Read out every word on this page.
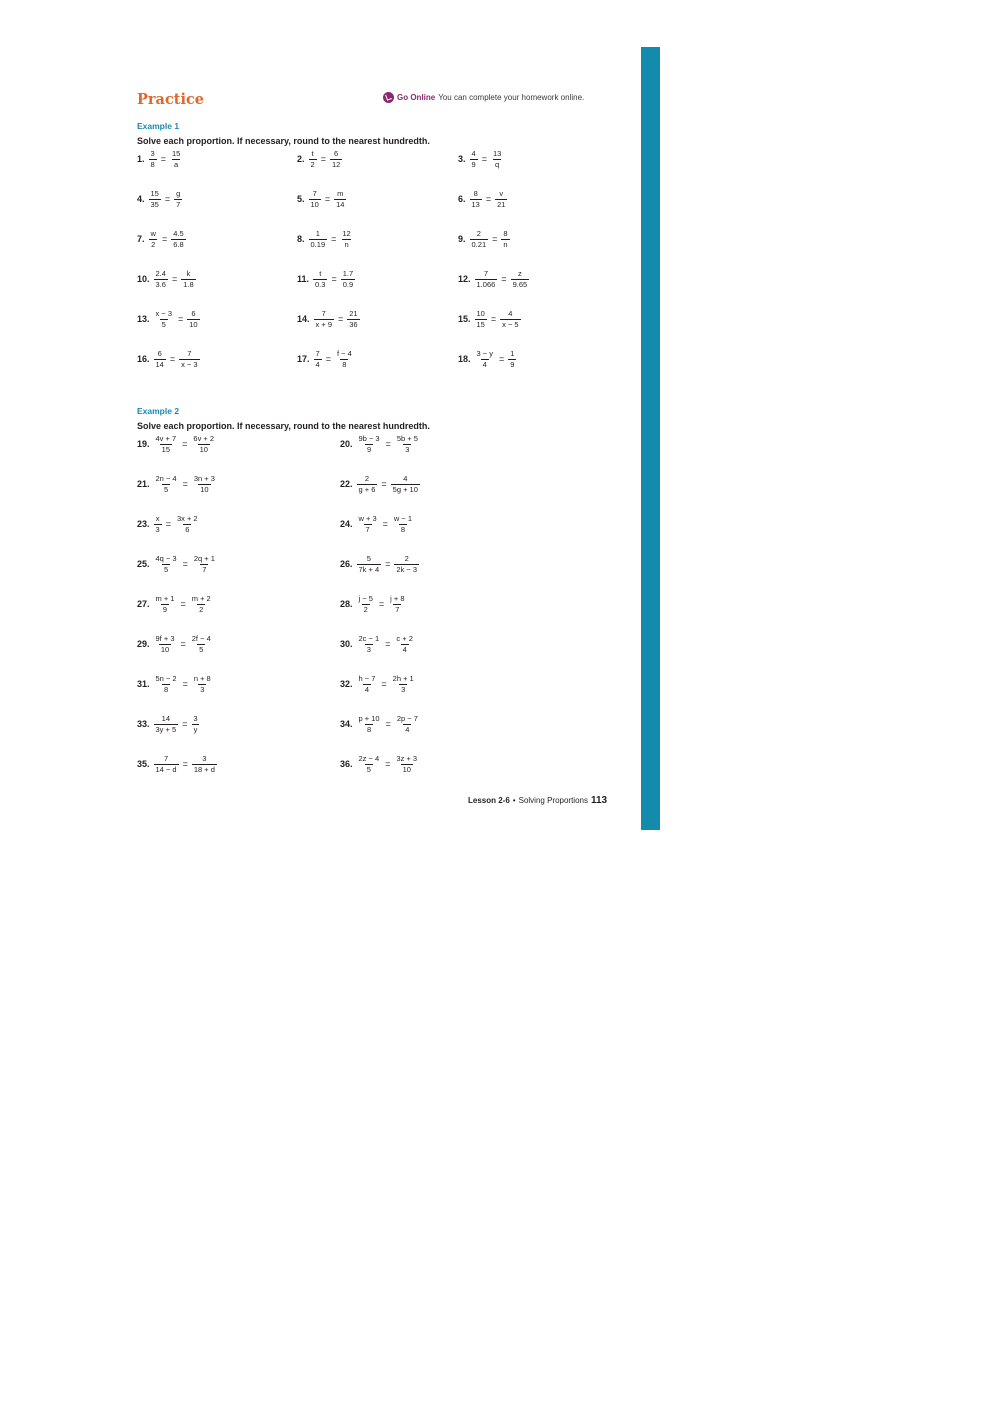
Practice	Go Online You can complete your homework online.
Example 1
Solve each proportion. If necessary, round to the nearest hundredth.
1. $\frac{3}{8} = \frac{15}{a}$	2. $\frac{t}{2} = \frac{6}{12}$	3. $\frac{4}{9} = \frac{13}{q}$
4. $\frac{15}{35} = \frac{g}{7}$	5. $\frac{7}{10} = \frac{m}{14}$	6. $\frac{8}{13} = \frac{v}{21}$
7. $\frac{w}{2} = \frac{4.5}{6.8}$	8. $\frac{1}{0.19} = \frac{12}{n}$	9. $\frac{2}{0.21} = \frac{8}{n}$
10. $\frac{2.4}{3.6} = \frac{k}{1.8}$	11. $\frac{t}{0.3} = \frac{1.7}{0.9}$	12. $\frac{7}{1.066} = \frac{z}{9.65}$
13. $\frac{x - 3}{5} = \frac{6}{10}$	14. $\frac{7}{x + 9} = \frac{21}{36}$	15. $\frac{10}{15} = \frac{4}{x - 5}$
16. $\frac{6}{14} = \frac{7}{x - 3}$	17. $\frac{7}{4} = \frac{f - 4}{8}$	18. $\frac{3 - y}{4} = \frac{1}{9}$
Example 2
Solve each proportion. If necessary, round to the nearest hundredth.
19. $\frac{4v + 7}{15} = \frac{6v + 2}{10}$	20. $\frac{9b - 3}{9} = \frac{5b + 5}{3}$
21. $\frac{2n - 4}{5} = \frac{3n + 3}{10}$	22. $\frac{2}{g + 6} = \frac{4}{5g + 10}$
23. $\frac{x}{3} = \frac{3x + 2}{6}$	24. $\frac{w + 3}{7} = \frac{w - 1}{8}$
25. $\frac{4q - 3}{5} = \frac{2q + 1}{7}$	26. $\frac{5}{7k + 4} = \frac{2}{2k - 3}$
27. $\frac{m + 1}{9} = \frac{m + 2}{2}$	28. $\frac{j - 5}{2} = \frac{j + 8}{7}$
29. $\frac{9f + 3}{10} = \frac{2f - 4}{5}$	30. $\frac{2c - 1}{3} = \frac{c + 2}{4}$
31. $\frac{5n - 2}{8} = \frac{n + 8}{3}$	32. $\frac{h - 7}{4} = \frac{2h + 1}{3}$
33. $\frac{14}{3y + 5} = \frac{3}{y}$	34. $\frac{p + 10}{8} = \frac{2p - 7}{4}$
35. $\frac{7}{14 - d} = \frac{3}{18 + d}$	36. $\frac{2z - 4}{5} = \frac{3z + 3}{10}$
Lesson 2-6 • Solving Proportions 113
